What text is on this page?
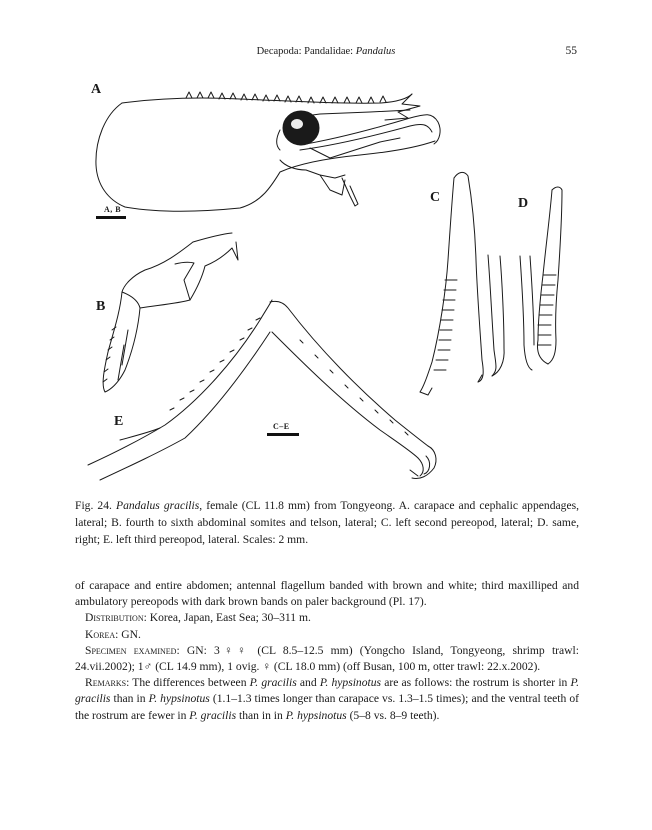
Decapoda: Pandalidae: Pandalus	55
A
B
C	D
E
A, B
C–E
Fig. 24. Pandalus gracilis, female (CL 11.8 mm) from Tongyeong. A. carapace and cephalic appendages, lateral; B. fourth to sixth abdominal somites and telson, lateral; C. left second pereopod, lateral; D. same, right; E. left third pereopod, lateral. Scales: 2 mm.

of carapace and entire abdomen; antennal flagellum banded with brown and white; third maxilliped and ambulatory pereopods with dark brown bands on paler background (Pl. 17).

Distribution: Korea, Japan, East Sea; 30–311 m.

Korea: GN.

Specimen examined: GN: 3♀♀ (CL 8.5–12.5 mm) (Yongcho Island, Tongyeong, shrimp trawl: 24.vii.2002); 1♂ (CL 14.9 mm), 1 ovig. ♀ (CL 18.0 mm) (off Busan, 100 m, otter trawl: 22.x.2002).

Remarks: The differences between P. gracilis and P. hypsinotus are as follows: the rostrum is shorter in P. gracilis than in P. hypsinotus (1.1–1.3 times longer than carapace vs. 1.3–1.5 times); and the ventral teeth of the rostrum are fewer in P. gracilis than in in P. hypsinotus (5–8 vs. 8–9 teeth).
